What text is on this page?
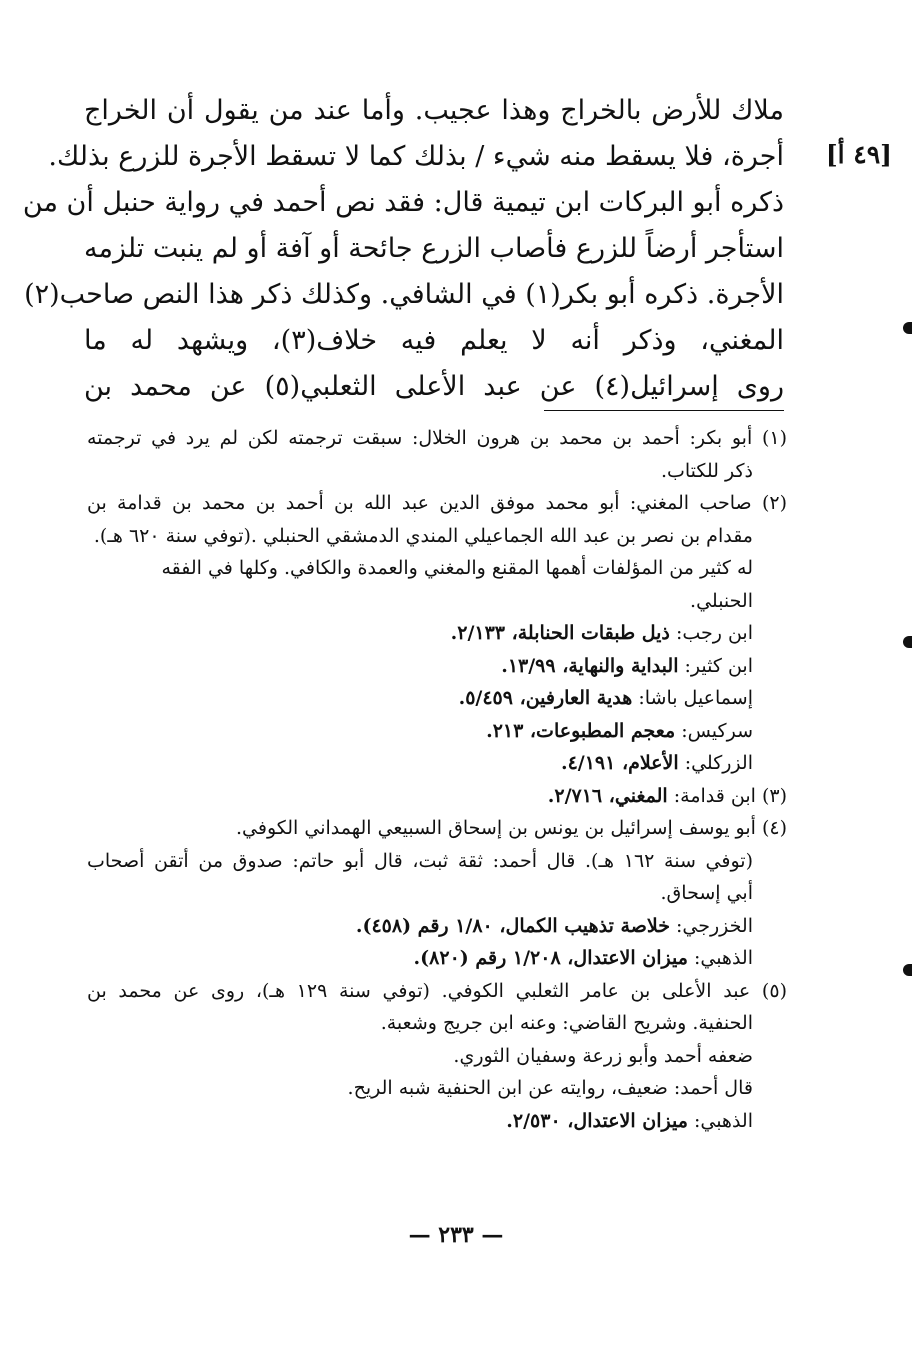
ملاك للأرض بالخراج وهذا عجيب. وأما عند من يقول أن الخراج
أجرة، فلا يسقط منه شيء / بذلك كما لا تسقط الأجرة للزرع بذلك.
ذكره أبو البركات ابن تيمية قال: فقد نص أحمد في رواية حنبل أن من
استأجر أرضاً للزرع فأصاب الزرع جائحة أو آفة أو لم ينبت تلزمه
الأجرة. ذكره أبو بكر(١) في الشافي. وكذلك ذكر هذا النص صاحب(٢)
المغني، وذكر أنه لا يعلم فيه خلاف(٣)، ويشهد له ما
روى إسرائيل(٤) عن عبد الأعلى الثعلبي(٥) عن محمد بن
[٤٩ أ]
(١) أبو بكر: أحمد بن محمد بن هرون الخلال: سبقت ترجمته لكن لم يرد في ترجمته
ذكر للكتاب.
(٢) صاحب المغني: أبو محمد موفق الدين عبد الله بن أحمد بن محمد بن قدامة بن
مقدام بن نصر بن عبد الله الجماعيلي المندي الدمشقي الحنبلي .(توفي سنة ٦٢٠ هـ).
له كثير من المؤلفات أهمها المقنع والمغني والعمدة والكافي. وكلها في الفقه
الحنبلي.
ابن رجب: ذيل طبقات الحنابلة، ٢/١٣٣.
ابن كثير: البداية والنهاية، ١٣/٩٩.
إسماعيل باشا: هدية العارفين، ٥/٤٥٩.
سركيس: معجم المطبوعات، ٢١٣.
الزركلي: الأعلام، ٤/١٩١.
(٣) ابن قدامة: المغني، ٢/٧١٦.
(٤) أبو يوسف إسرائيل بن يونس بن إسحاق السبيعي الهمداني الكوفي.
(توفي سنة ١٦٢ هـ). قال أحمد: ثقة ثبت، قال أبو حاتم: صدوق من أتقن أصحاب
أبي إسحاق.
الخزرجي: خلاصة تذهيب الكمال، ١/٨٠ رقم (٤٥٨).
الذهبي: ميزان الاعتدال، ١/٢٠٨ رقم (٨٢٠).
(٥) عبد الأعلى بن عامر الثعلبي الكوفي. (توفي سنة ١٢٩ هـ)، روى عن محمد بن
الحنفية. وشريح القاضي: وعنه ابن جريج وشعبة.
ضعفه أحمد وأبو زرعة وسفيان الثوري.
قال أحمد: ضعيف، روايته عن ابن الحنفية شبه الريح.
الذهبي: ميزان الاعتدال، ٢/٥٣٠.
— ٢٣٣ —
